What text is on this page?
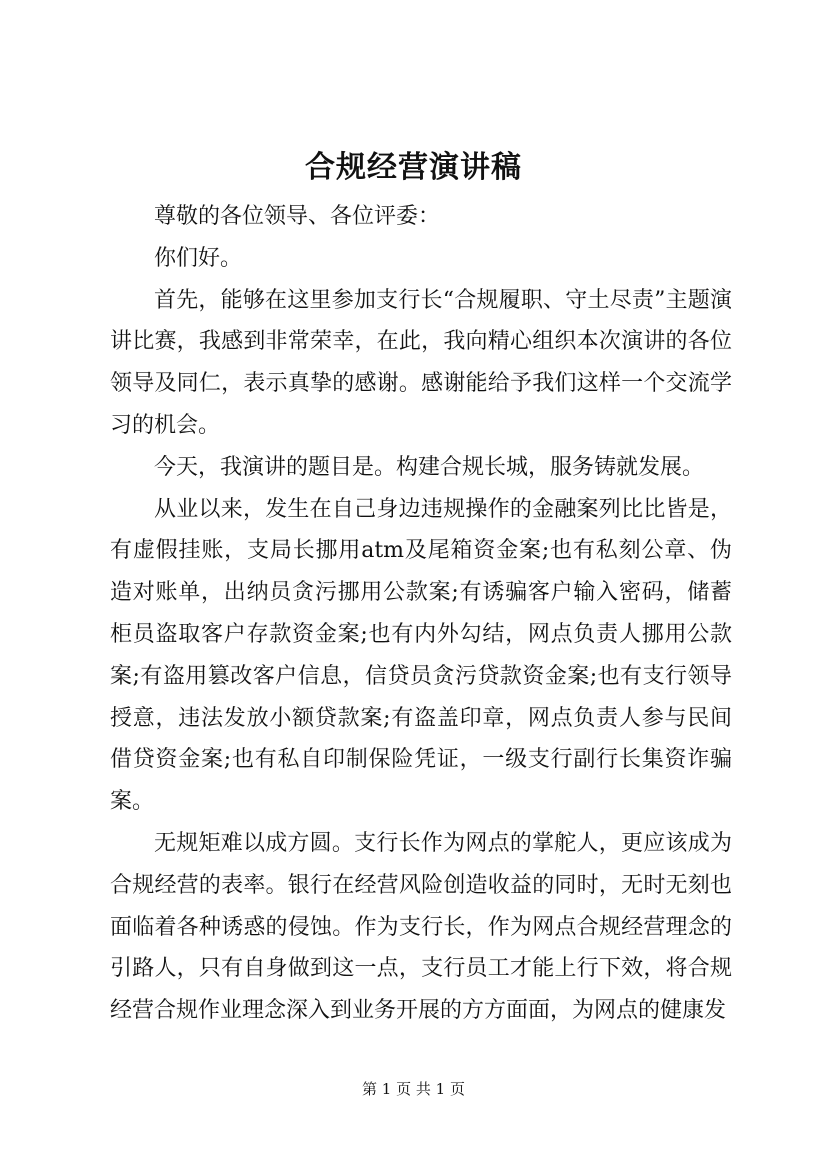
合规经营演讲稿

尊敬的各位领导、各位评委：

你们好。

首先，能够在这里参加支行长“合规履职、守土尽责”主题演讲比赛，我感到非常荣幸，在此，我向精心组织本次演讲的各位领导及同仁，表示真挚的感谢。感谢能给予我们这样一个交流学习的机会。

今天，我演讲的题目是。构建合规长城，服务铸就发展。

从业以来，发生在自己身边违规操作的金融案列比比皆是，有虚假挂账，支局长挪用atm及尾箱资金案;也有私刻公章、伪造对账单，出纳员贪污挪用公款案;有诱骗客户输入密码，储蓄柜员盗取客户存款资金案;也有内外勾结，网点负责人挪用公款案;有盗用篡改客户信息，信贷员贪污贷款资金案;也有支行领导授意，违法发放小额贷款案;有盗盖印章，网点负责人参与民间借贷资金案;也有私自印制保险凭证，一级支行副行长集资诈骗案。

无规矩难以成方圆。支行长作为网点的掌舵人，更应该成为合规经营的表率。银行在经营风险创造收益的同时，无时无刻也面临着各种诱惑的侵蚀。作为支行长，作为网点合规经营理念的引路人，只有自身做到这一点，支行员工才能上行下效，将合规经营合规作业理念深入到业务开展的方方面面，为网点的健康发

第 1 页 共 1 页
